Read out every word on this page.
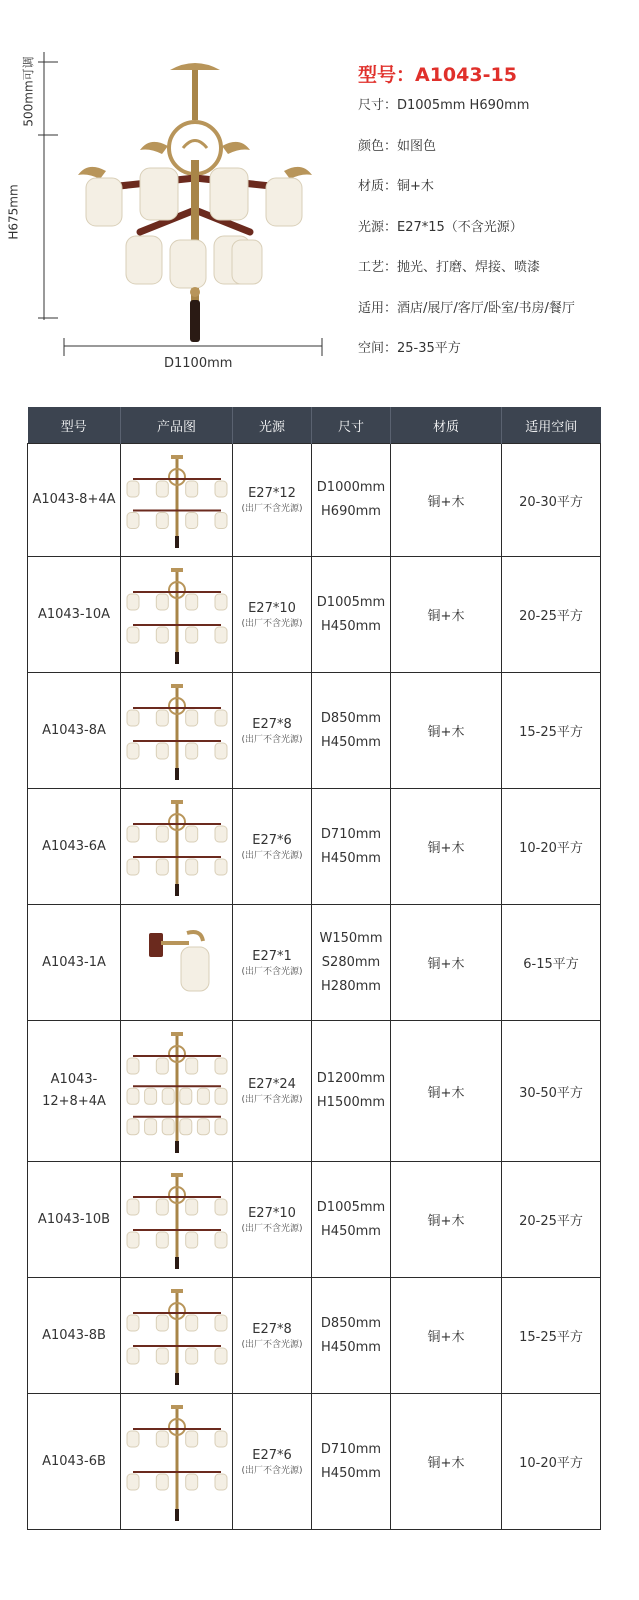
500mm可调
H675mm
D1100mm
型号：A1043-15
尺寸：D1005mm H690mm
颜色：如图色
材质：铜+木
光源：E27*15（不含光源）
工艺：抛光、打磨、焊接、喷漆
适用：酒店/展厅/客厅/卧室/书房/餐厅
空间：25-35平方
型号	产品图	光源	尺寸	材质	适用空间
A1043-8+4A		E27*12
(出厂不含光源)	D1000mm
H690mm	铜+木	20-30平方
A1043-10A		E27*10
(出厂不含光源)	D1005mm
H450mm	铜+木	20-25平方
A1043-8A		E27*8
(出厂不含光源)	D850mm
H450mm	铜+木	15-25平方
A1043-6A		E27*6
(出厂不含光源)	D710mm
H450mm	铜+木	10-20平方
A1043-1A		E27*1
(出厂不含光源)	W150mm
S280mm
H280mm	铜+木	6-15平方

A1043-
12+8+4A		E27*24
(出厂不含光源)	D1200mm
H1500mm	铜+木	30-50平方
A1043-10B		E27*10
(出厂不含光源)	D1005mm
H450mm	铜+木	20-25平方
A1043-8B		E27*8
(出厂不含光源)	D850mm
H450mm	铜+木	15-25平方
A1043-6B		E27*6
(出厂不含光源)	D710mm
H450mm	铜+木	10-20平方
